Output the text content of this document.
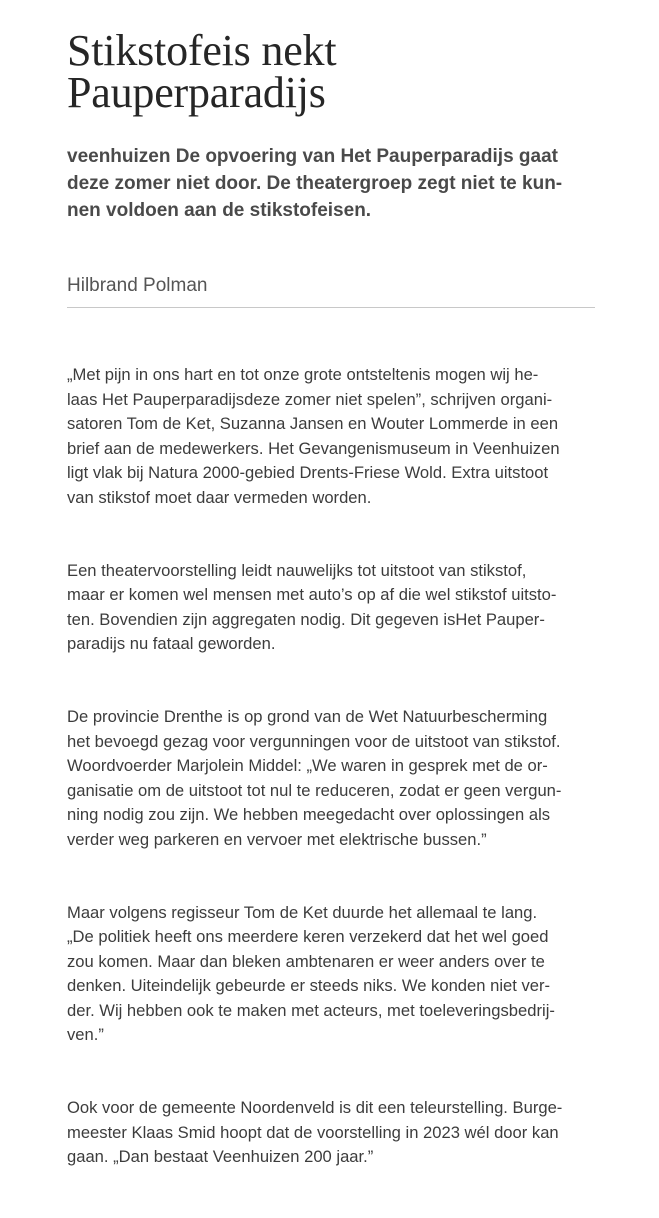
Stikstofeis nekt
Pauperparadijs

veenhuizen De opvoering van Het Pauperparadijs gaat
deze zomer niet door. De theatergroep zegt niet te kun-
nen voldoen aan de stikstofeisen.

Hilbrand Polman

„Met pijn in ons hart en tot onze grote ontsteltenis mogen wij he-
laas Het Pauperparadijsdeze zomer niet spelen”, schrijven organi-
satoren Tom de Ket, Suzanna Jansen en Wouter Lommerde in een
brief aan de medewerkers. Het Gevangenismuseum in Veenhuizen
ligt vlak bij Natura 2000-gebied Drents-Friese Wold. Extra uitstoot
van stikstof moet daar vermeden worden.

Een theatervoorstelling leidt nauwelijks tot uitstoot van stikstof,
maar er komen wel mensen met auto’s op af die wel stikstof uitsto-
ten. Bovendien zijn aggregaten nodig. Dit gegeven isHet Pauper-
paradijs nu fataal geworden.

De provincie Drenthe is op grond van de Wet Natuurbescherming
het bevoegd gezag voor vergunningen voor de uitstoot van stikstof.
Woordvoerder Marjolein Middel: „We waren in gesprek met de or-
ganisatie om de uitstoot tot nul te reduceren, zodat er geen vergun-
ning nodig zou zijn. We hebben meegedacht over oplossingen als
verder weg parkeren en vervoer met elektrische bussen.”

Maar volgens regisseur Tom de Ket duurde het allemaal te lang.
„De politiek heeft ons meerdere keren verzekerd dat het wel goed
zou komen. Maar dan bleken ambtenaren er weer anders over te
denken. Uiteindelijk gebeurde er steeds niks. We konden niet ver-
der. Wij hebben ook te maken met acteurs, met toeleveringsbedrij-
ven.”

Ook voor de gemeente Noordenveld is dit een teleurstelling. Burge-
meester Klaas Smid hoopt dat de voorstelling in 2023 wél door kan
gaan. „Dan bestaat Veenhuizen 200 jaar.”
